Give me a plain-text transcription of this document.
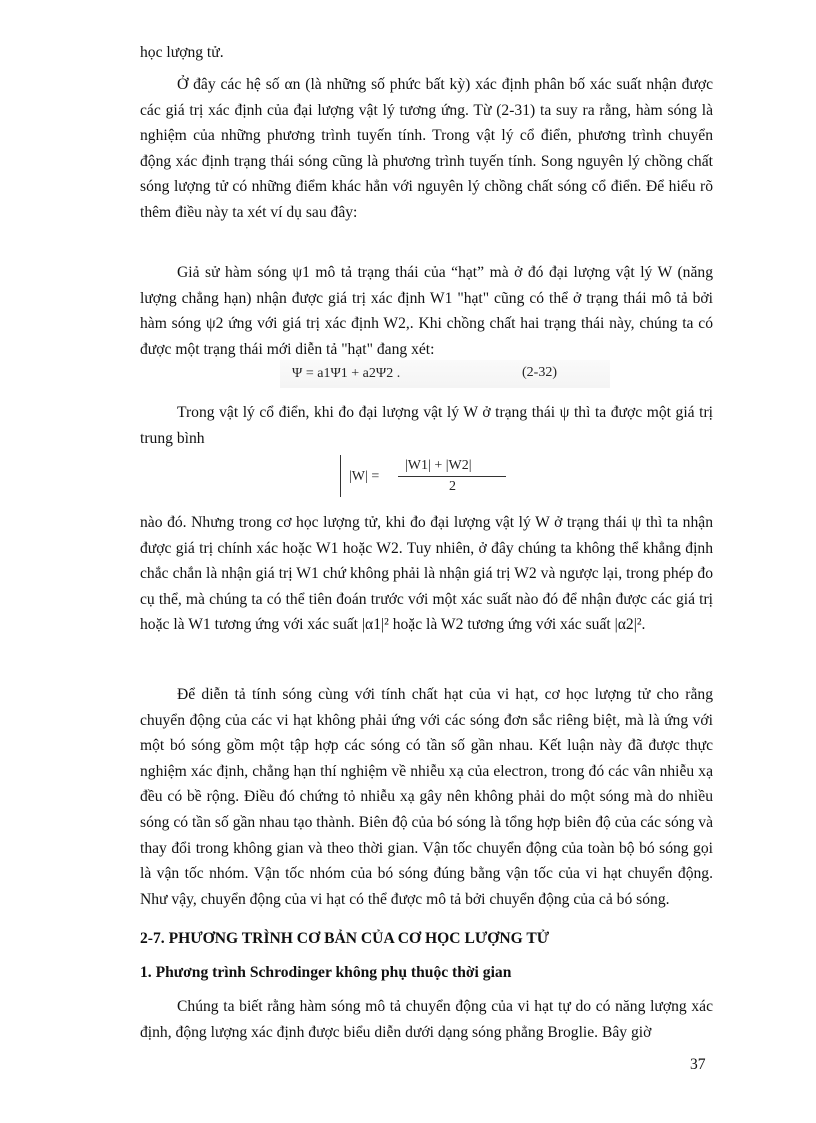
học lượng tử.

Ở đây các hệ số αn (là những số phức bất kỳ) xác định phân bố xác suất nhận được các giá trị xác định của đại lượng vật lý tương ứng. Từ (2-31) ta suy ra rằng, hàm sóng là nghiệm của những phương trình tuyến tính. Trong vật lý cổ điển, phương trình chuyển động xác định trạng thái sóng cũng là phương trình tuyến tính. Song nguyên lý chồng chất sóng lượng tử có những điểm khác hẳn với nguyên lý chồng chất sóng cổ điển. Để hiểu rõ thêm điều này ta xét ví dụ sau đây:

Giả sử hàm sóng ψ1 mô tả trạng thái của “hạt” mà ở đó đại lượng vật lý W (năng lượng chẳng hạn) nhận được giá trị xác định W1 "hạt" cũng có thể ở trạng thái mô tả bởi hàm sóng ψ2 ứng với giá trị xác định W2,. Khi chồng chất hai trạng thái này, chúng ta có được một trạng thái mới diễn tả "hạt" đang xét:

Ψ = a1Ψ1 + a2Ψ2 .	(2-32)

Trong vật lý cổ điển, khi đo đại lượng vật lý W ở trạng thái ψ thì ta được một giá trị trung bình

|W| =
|W1| + |W2|
2

nào đó. Nhưng trong cơ học lượng tử, khi đo đại lượng vật lý W ở trạng thái ψ thì ta nhận được giá trị chính xác hoặc W1 hoặc W2. Tuy nhiên, ở đây chúng ta không thể khẳng định chắc chắn là nhận giá trị W1 chứ không phải là nhận giá trị W2 và ngược lại, trong phép đo cụ thể, mà chúng ta có thể tiên đoán trước với một xác suất nào đó để nhận được các giá trị hoặc là W1 tương ứng với xác suất |α1|² hoặc là W2 tương ứng với xác suất |α2|².

Để diễn tả tính sóng cùng với tính chất hạt của vi hạt, cơ học lượng tử cho rằng chuyển động của các vi hạt không phải ứng với các sóng đơn sắc riêng biệt, mà là ứng với một bó sóng gồm một tập hợp các sóng có tần số gần nhau. Kết luận này đã được thực nghiệm xác định, chẳng hạn thí nghiệm về nhiễu xạ của electron, trong đó các vân nhiễu xạ đều có bề rộng. Điều đó chứng tỏ nhiễu xạ gây nên không phải do một sóng mà do nhiều sóng có tần số gần nhau tạo thành. Biên độ của bó sóng là tổng hợp biên độ của các sóng và thay đổi trong không gian và theo thời gian. Vận tốc chuyển động của toàn bộ bó sóng gọi là vận tốc nhóm. Vận tốc nhóm của bó sóng đúng bằng vận tốc của vi hạt chuyển động. Như vậy, chuyển động của vi hạt có thể được mô tả bởi chuyển động của cả bó sóng.

2-7. PHƯƠNG TRÌNH CƠ BẢN CỦA CƠ HỌC LƯỢNG TỬ

1. Phương trình Schrodinger không phụ thuộc thời gian

Chúng ta biết rằng hàm sóng mô tả chuyển động của vi hạt tự do có năng lượng xác định, động lượng xác định được biểu diễn dưới dạng sóng phẳng Broglie. Bây giờ

37
